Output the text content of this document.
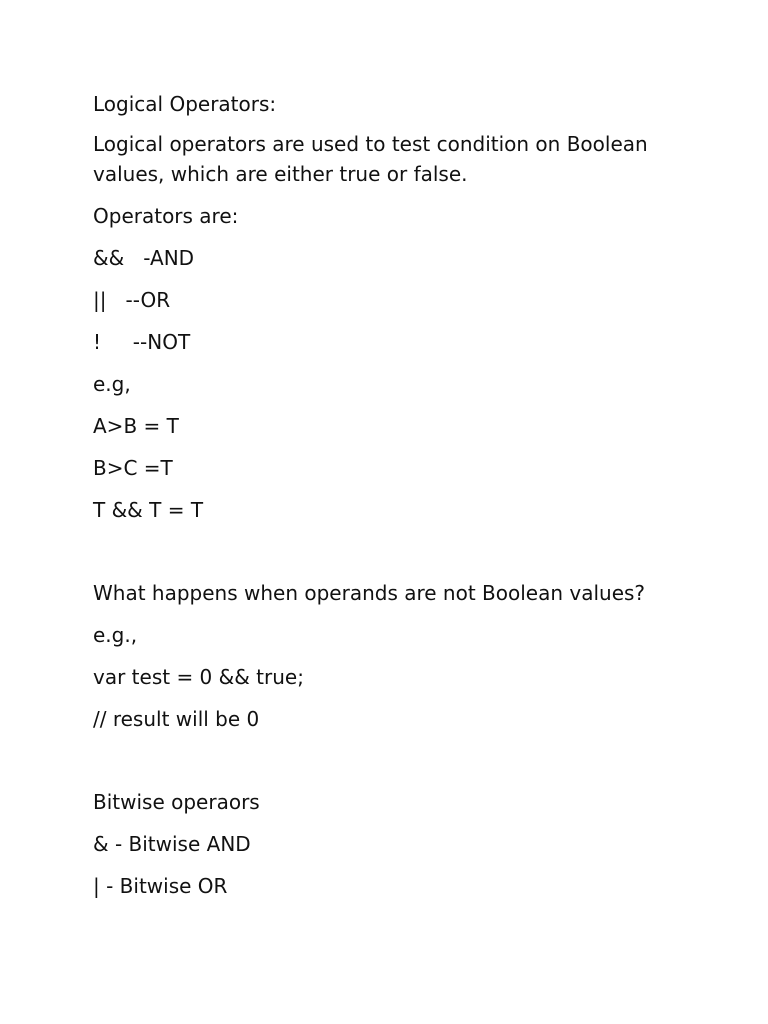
Logical Operators:

Logical operators are used to test condition on Boolean values, which are either true or false.

Operators are:

&&   -AND

||   --OR

!     --NOT

e.g,

A>B = T

B>C =T

T && T = T

What happens when operands are not Boolean values?

e.g.,

var test = 0 && true;

// result will be 0

Bitwise operaors

& - Bitwise AND

| - Bitwise OR
